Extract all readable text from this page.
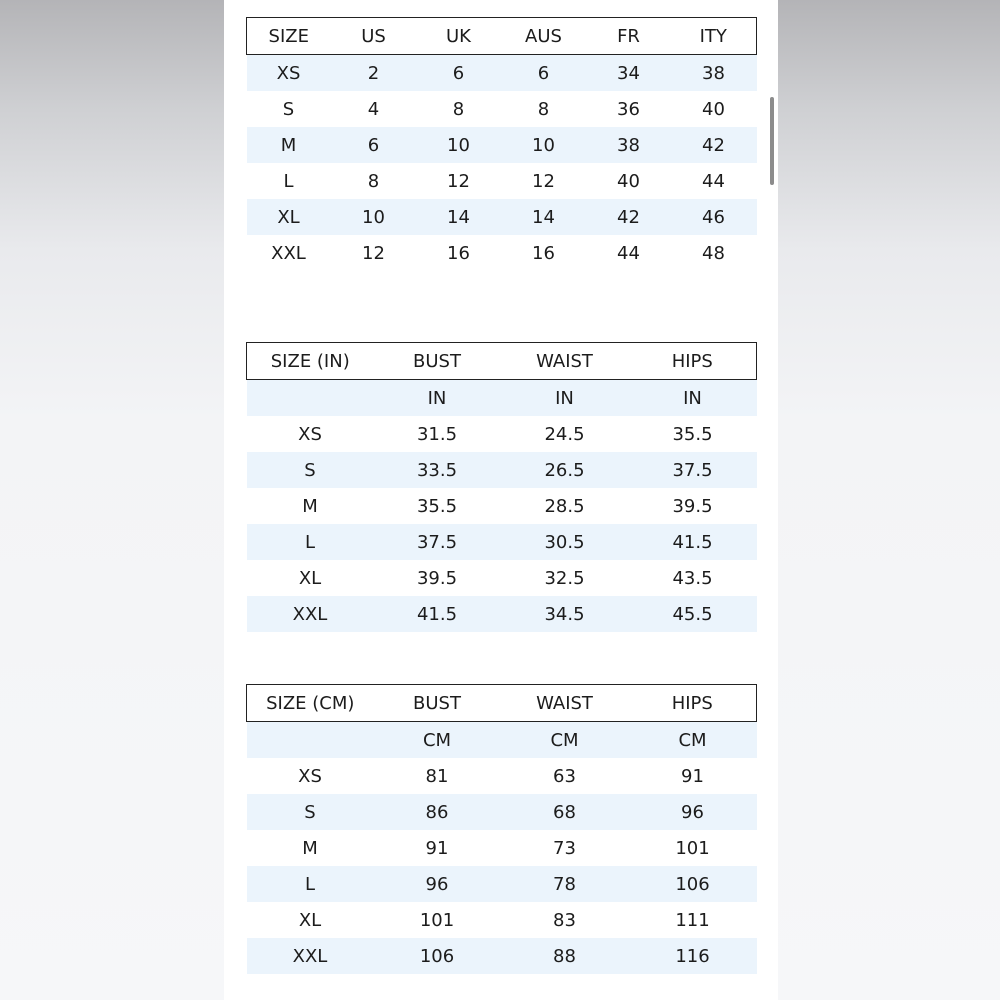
SIZE	US	UK	AUS	FR	ITY
XS	2	6	6	34	38
S	4	8	8	36	40
M	6	10	10	38	42
L	8	12	12	40	44
XL	10	14	14	42	46
XXL	12	16	16	44	48
SIZE (IN)	BUST	WAIST	HIPS
	IN	IN	IN
XS	31.5	24.5	35.5
S	33.5	26.5	37.5
M	35.5	28.5	39.5
L	37.5	30.5	41.5
XL	39.5	32.5	43.5
XXL	41.5	34.5	45.5
SIZE (CM)	BUST	WAIST	HIPS
	CM	CM	CM
XS	81	63	91
S	86	68	96
M	91	73	101
L	96	78	106
XL	101	83	111
XXL	106	88	116
